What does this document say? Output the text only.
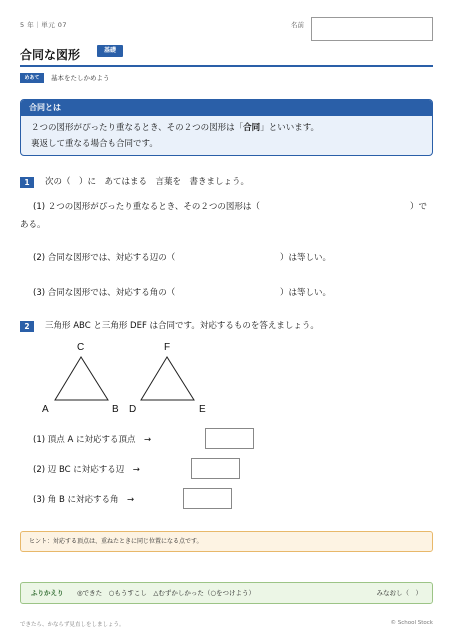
5 年｜単元 07	名前
合同な図形	基礎
めあて	基本をたしかめよう
合同とは
２つの図形がぴったり重なるとき、その２つの図形は「合同」といいます。
裏返して重なる場合も合同です。
1	次の（　）に　あてはまる　言葉を　書きましょう。
(1) ２つの図形がぴったり重なるとき、その２つの図形は（	）で
ある。
(2) 合同な図形では、対応する辺の（	）は等しい。
(3) 合同な図形では、対応する角の（	）は等しい。
2	三角形 ABC と三角形 DEF は合同です。対応するものを答えましょう。
C
A	B
F
D	E
(1) 頂点 A に対応する頂点　→
(2) 辺 BC に対応する辺　→
(3) 角 B に対応する角　→
ヒント：対応する頂点は、重ねたときに同じ位置になる点です。
ふりかえり ◎できた　○もうすこし　△むずかしかった（○をつけよう）	みなおし（　）
できたら、かならず見直しをしましょう。	© School Stock
